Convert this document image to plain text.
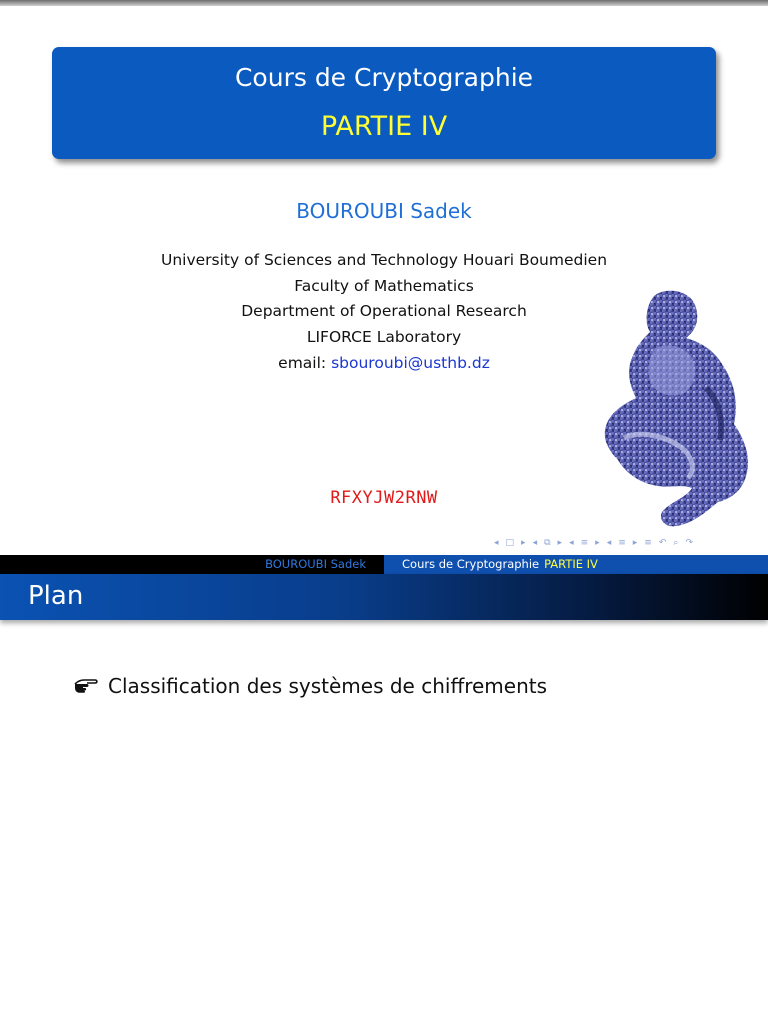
Cours de Cryptographie
PARTIE IV
BOUROUBI Sadek
University of Sciences and Technology Houari Boumedien
Faculty of Mathematics
Department of Operational Research
LIFORCE Laboratory
email: sbouroubi@usthb.dz
RFXYJW2RNW
◂ □ ▸ ◂ ⧉ ▸ ◂ ≡ ▸ ◂ ≡ ▸ ≡ ↶ ⌕ ↷
BOUROUBI Sadek	Cours de Cryptographie PARTIE IV
Plan
Classification des systèmes de chiffrements
